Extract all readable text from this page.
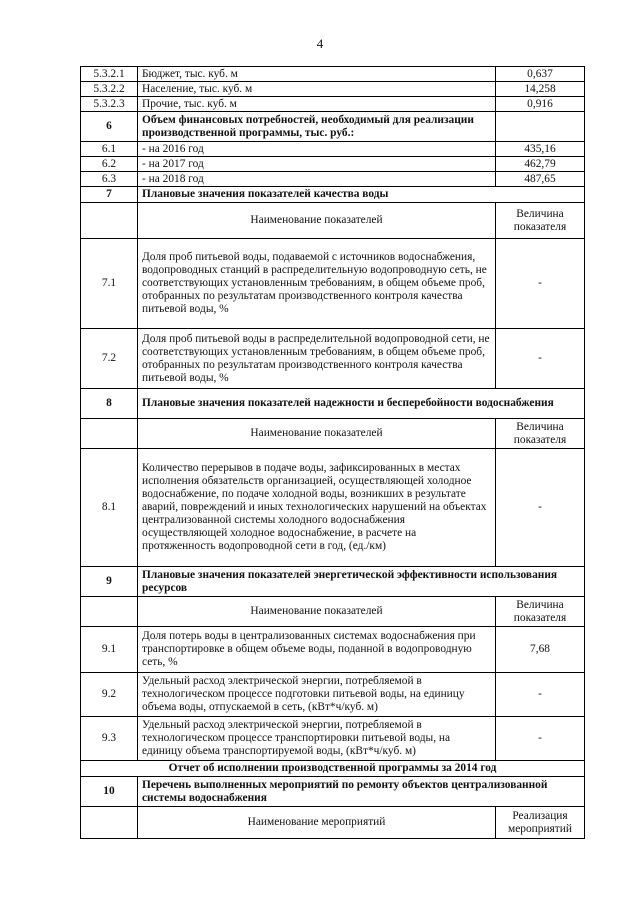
4
5.3.2.1	Бюджет, тыс. куб. м	0,637
5.3.2.2	Население, тыс. куб. м	14,258
5.3.2.3	Прочие, тыс. куб. м	0,916
6	Объем финансовых потребностей, необходимый для реализации производственной программы, тыс. руб.:	
6.1	- на 2016 год	435,16
6.2	- на 2017 год	462,79
6.3	- на 2018 год	487,65
7	Плановые значения показателей качества воды	
	Наименование показателей	Величина показателя
7.1	Доля проб питьевой воды, подаваемой с источников водоснабжения, водопроводных станций в распределительную водопроводную сеть, не соответствующих установленным требованиям, в общем объеме проб, отобранных по результатам производственного контроля качества питьевой воды, %	-
7.2	Доля проб питьевой воды в распределительной водопроводной сети, не соответствующих установленным требованиям, в общем объеме проб, отобранных по результатам производственного контроля качества питьевой воды, %	-
8	Плановые значения показателей надежности и бесперебойности водоснабжения	
	Наименование показателей	Величина показателя
8.1	Количество перерывов в подаче воды, зафиксированных в местах исполнения обязательств организацией, осуществляющей холодное водоснабжение, по подаче холодной воды, возникших в результате аварий, повреждений и иных технологических нарушений на объектах централизованной системы холодного водоснабжения осуществляющей холодное водоснабжение, в расчете на протяженность водопроводной сети в год, (ед./км)	-
9	Плановые значения показателей энергетической эффективности использования ресурсов	
	Наименование показателей	Величина показателя
9.1	Доля потерь воды в централизованных системах водоснабжения при транспортировке в общем объеме воды, поданной в водопроводную сеть, %	7,68
9.2	Удельный расход электрической энергии, потребляемой в технологическом процессе подготовки питьевой воды, на единицу объема воды, отпускаемой в сеть, (кВт*ч/куб. м)	-
9.3	Удельный расход электрической энергии, потребляемой в технологическом процессе транспортировки питьевой воды, на единицу объема транспортируемой воды, (кВт*ч/куб. м)	-
Отчет об исполнении производственной программы за 2014 год		
10	Перечень выполненных мероприятий по ремонту объектов централизованной системы водоснабжения	
	Наименование мероприятий	Реализация мероприятий
